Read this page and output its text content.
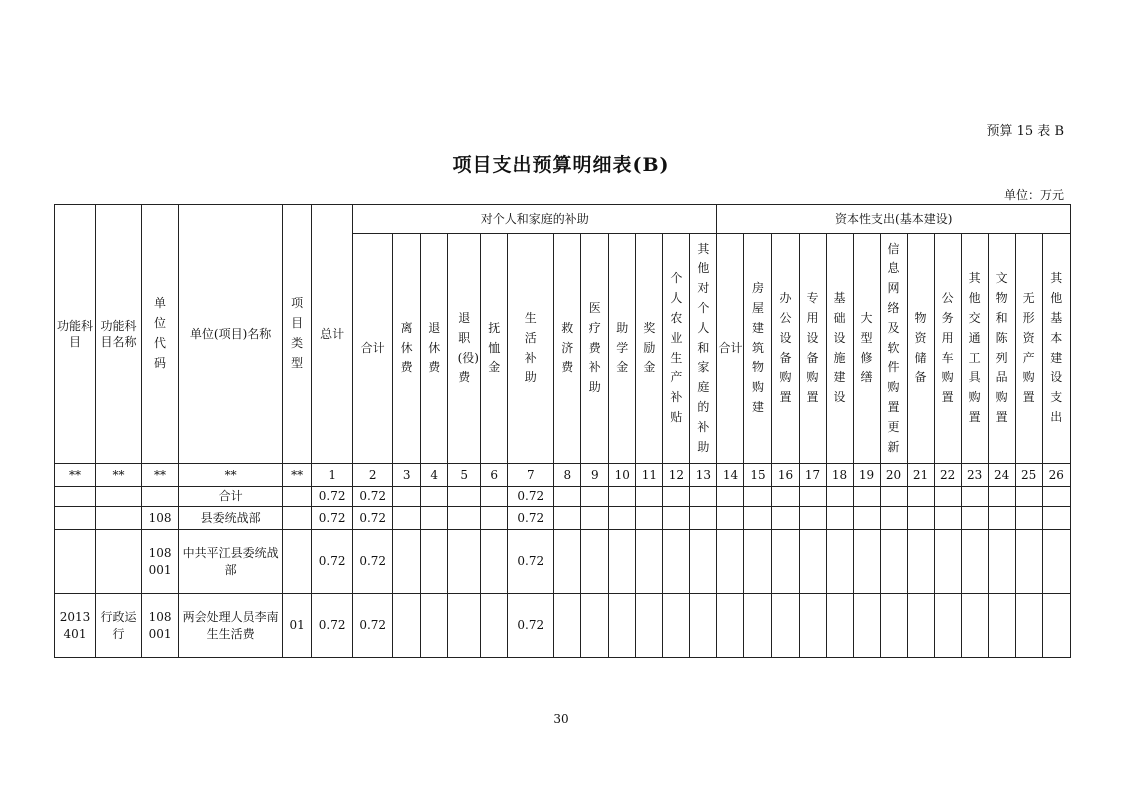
预算 15 表 B
项目支出预算明细表(B)
单位：万元
功能科目	功能科目名称	单位代码	单位(项目)名称	项目类型	总计	对个人和家庭的补助												资本性支出(基本建设)												
						合计	离休费	退休费	退职(役)费	抚恤金	生活补助	救济费	医疗费补助	助学金	奖励金	个人农业生产补贴	其他对个人和家庭的补助	合计	房屋建筑物购建	办公设备购置	专用设备购置	基础设施建设	大型修缮	信息网络及软件购置更新	物资储备	公务用车购置	其他交通工具购置	文物和陈列品购置	无形资产购置	其他基本建设支出
**	**	**	**	**	1	2	3	4	5	6	7	8	9	10	11	12	13	14	15	16	17	18	19	20	21	22	23	24	25	26
			合计		0.72	0.72					0.72																			
		108	县委统战部		0.72	0.72					0.72																			
		108 001	中共平江县委统战部		0.72	0.72					0.72																			
2013 401	行政运行	108 001	两会处理人员李南生生活费	01	0.72	0.72					0.72																			
30
